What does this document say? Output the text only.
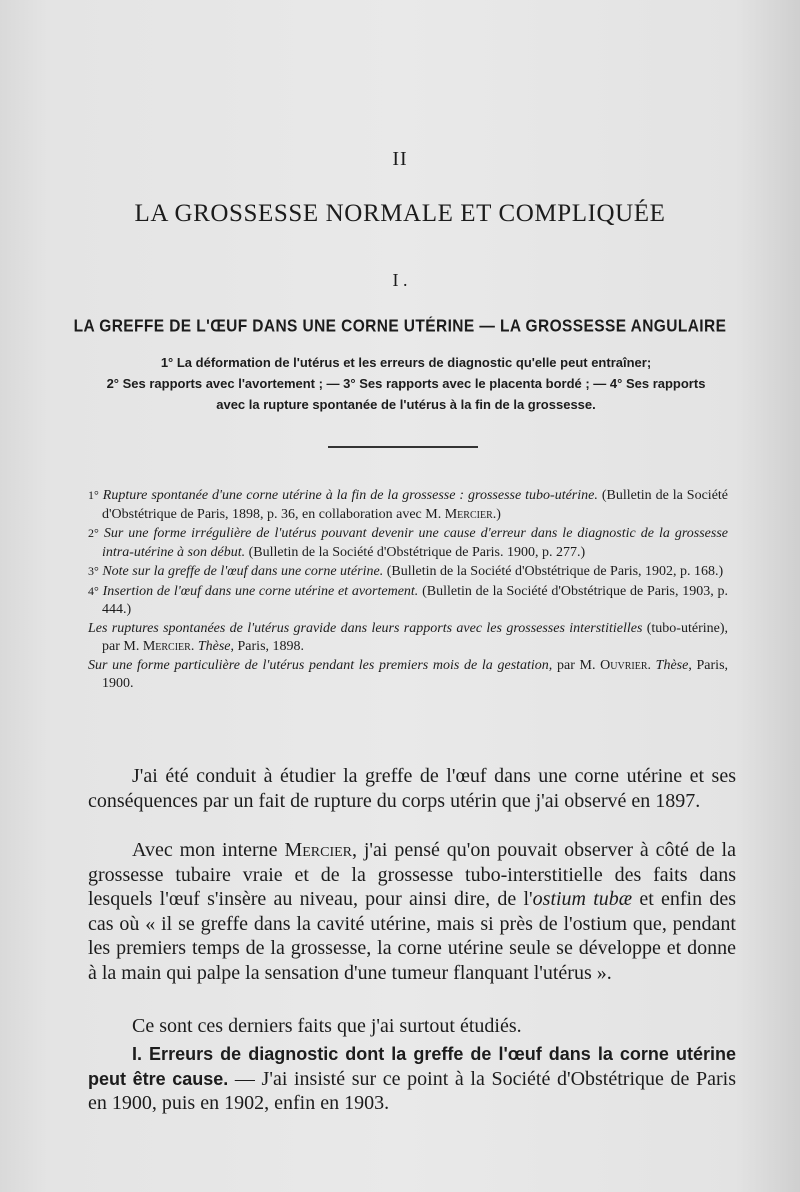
II
LA GROSSESSE NORMALE ET COMPLIQUÉE
I .
LA GREFFE DE L'ŒUF DANS UNE CORNE UTÉRINE — LA GROSSESSE ANGULAIRE
1° La déformation de l'utérus et les erreurs de diagnostic qu'elle peut entraîner;
2° Ses rapports avec l'avortement ; — 3° Ses rapports avec le placenta bordé ; — 4° Ses rapports
avec la rupture spontanée de l'utérus à la fin de la grossesse.
1° Rupture spontanée d'une corne utérine à la fin de la grossesse : grossesse tubo-utérine. (Bulletin de la Société d'Obstétrique de Paris, 1898, p. 36, en collaboration avec M. Mercier.)
2° Sur une forme irrégulière de l'utérus pouvant devenir une cause d'erreur dans le diagnostic de la grossesse intra-utérine à son début. (Bulletin de la Société d'Obstétrique de Paris. 1900, p. 277.)
3° Note sur la greffe de l'œuf dans une corne utérine. (Bulletin de la Société d'Obstétrique de Paris, 1902, p. 168.)
4° Insertion de l'œuf dans une corne utérine et avortement. (Bulletin de la Société d'Obstétrique de Paris, 1903, p. 444.)
Les ruptures spontanées de l'utérus gravide dans leurs rapports avec les grossesses interstitielles (tubo-utérine), par M. Mercier. Thèse, Paris, 1898.
Sur une forme particulière de l'utérus pendant les premiers mois de la gestation, par M. Ouvrier. Thèse, Paris, 1900.

J'ai été conduit à étudier la greffe de l'œuf dans une corne utérine et ses conséquences par un fait de rupture du corps utérin que j'ai observé en 1897.

Avec mon interne Mercier, j'ai pensé qu'on pouvait observer à côté de la grossesse tubaire vraie et de la grossesse tubo-interstitielle des faits dans lesquels l'œuf s'insère au niveau, pour ainsi dire, de l'ostium tubæ et enfin des cas où « il se greffe dans la cavité utérine, mais si près de l'ostium que, pendant les premiers temps de la grossesse, la corne utérine seule se développe et donne à la main qui palpe la sensation d'une tumeur flanquant l'utérus ».

Ce sont ces derniers faits que j'ai surtout étudiés.

I. Erreurs de diagnostic dont la greffe de l'œuf dans la corne utérine peut être cause. — J'ai insisté sur ce point à la Société d'Obstétrique de Paris en 1900, puis en 1902, enfin en 1903.
